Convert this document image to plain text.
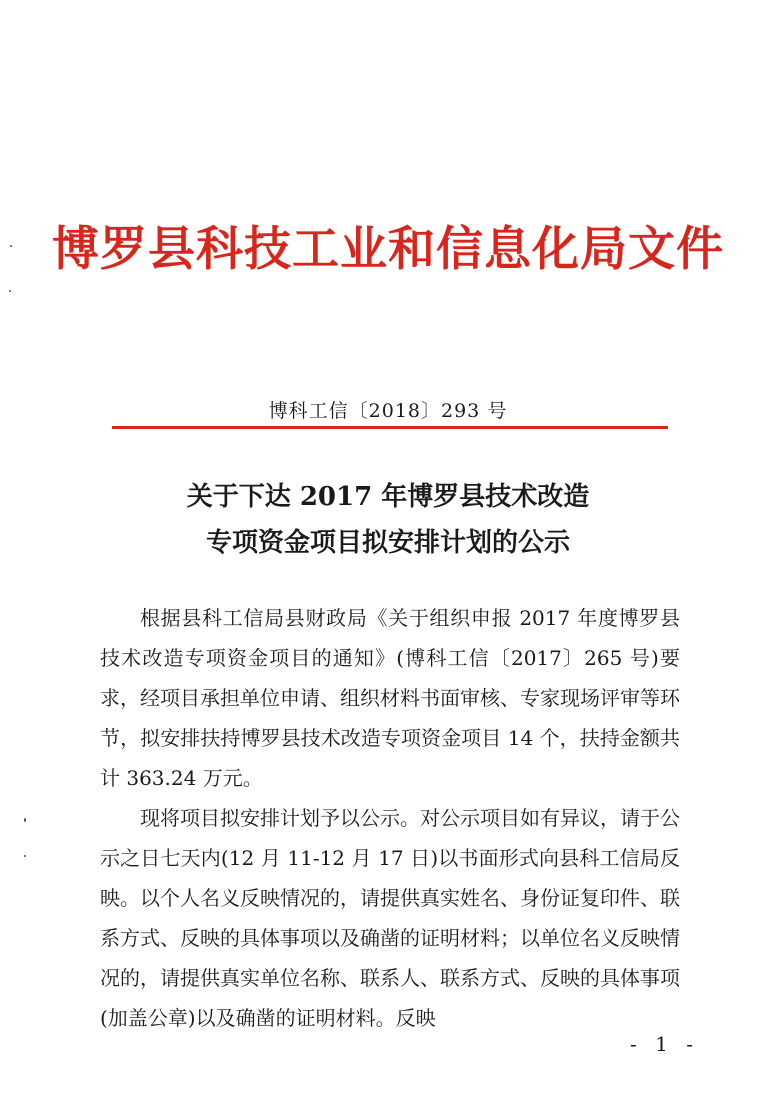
博罗县科技工业和信息化局文件
博科工信〔2018〕293 号
关于下达 2017 年博罗县技术改造
专项资金项目拟安排计划的公示

根据县科工信局县财政局《关于组织申报 2017 年度博罗县技术改造专项资金项目的通知》(博科工信〔2017〕265 号)要求，经项目承担单位申请、组织材料书面审核、专家现场评审等环节，拟安排扶持博罗县技术改造专项资金项目 14 个，扶持金额共计 363.24 万元。

现将项目拟安排计划予以公示。对公示项目如有异议，请于公示之日七天内(12 月 11-12 月 17 日)以书面形式向县科工信局反映。以个人名义反映情况的，请提供真实姓名、身份证复印件、联系方式、反映的具体事项以及确凿的证明材料；以单位名义反映情况的，请提供真实单位名称、联系人、联系方式、反映的具体事项(加盖公章)以及确凿的证明材料。反映

- 1 -
